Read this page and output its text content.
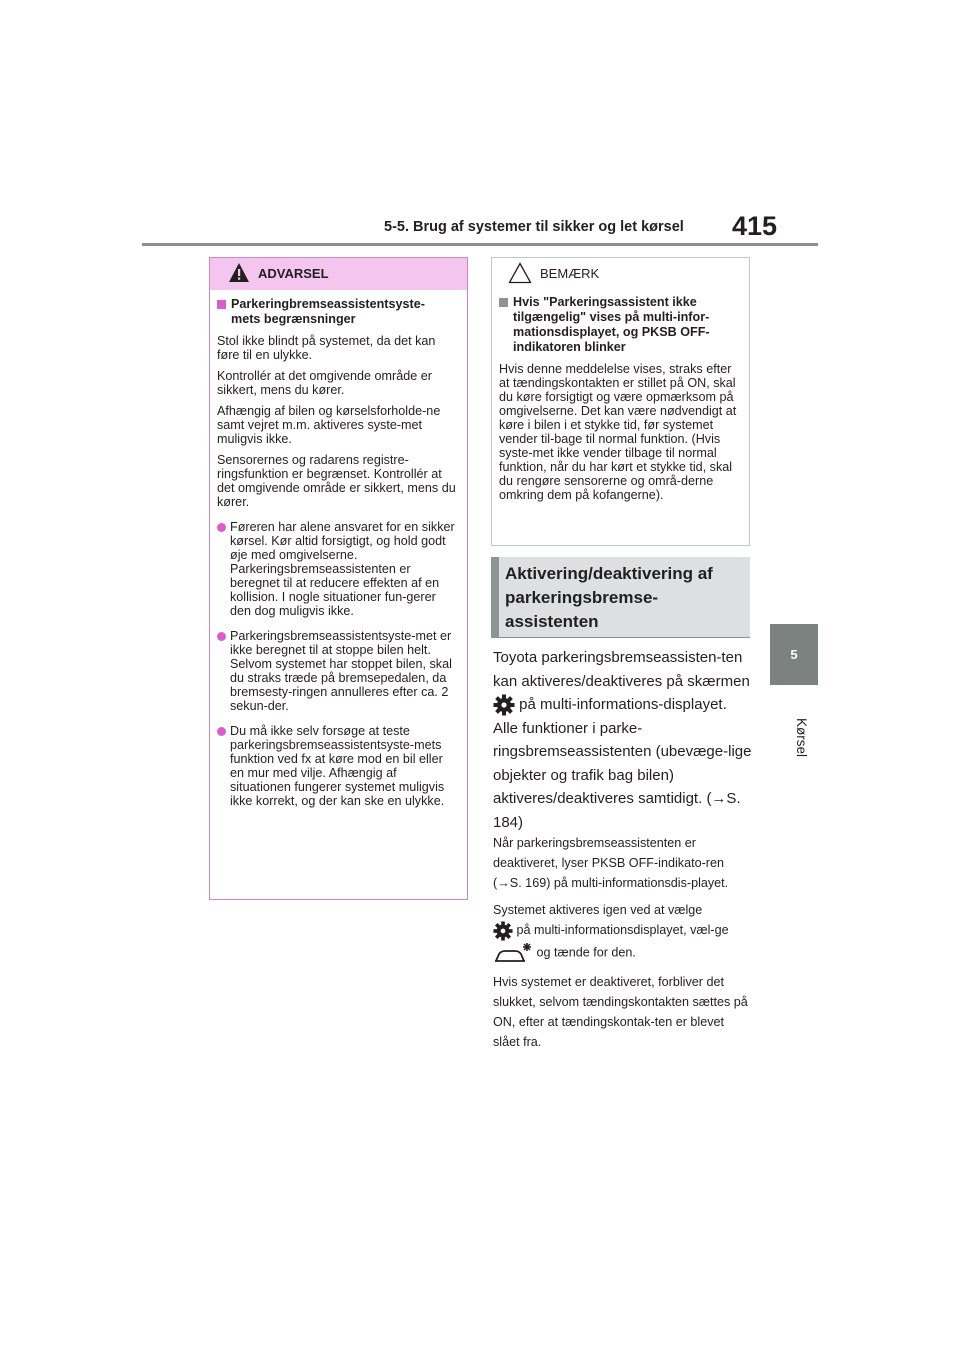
5-5. Brug af systemer til sikker og let kørsel 415
5
Kørsel
ADVARSEL
Parkeringbremseassistentsyste-
mets begrænsninger

Stol ikke blindt på systemet, da det kan føre til en ulykke.

Kontrollér at det omgivende område er sikkert, mens du kører.

Afhængig af bilen og kørselsforholde-ne samt vejret m.m. aktiveres syste-met muligvis ikke.

Sensorernes og radarens registre-ringsfunktion er begrænset. Kontrollér at det omgivende område er sikkert, mens du kører.

Føreren har alene ansvaret for en sikker kørsel. Kør altid forsigtigt, og hold godt øje med omgivelserne. Parkeringsbremseassistenten er beregnet til at reducere effekten af en kollision. I nogle situationer fun-gerer den dog muligvis ikke.
Parkeringsbremseassistentsyste-met er ikke beregnet til at stoppe bilen helt. Selvom systemet har stoppet bilen, skal du straks træde på bremsepedalen, da bremsesty-ringen annulleres efter ca. 2 sekun-der.
Du må ikke selv forsøge at teste parkeringsbremseassistentsyste-mets funktion ved fx at køre mod en bil eller en mur med vilje. Afhængig af situationen fungerer systemet muligvis ikke korrekt, og der kan ske en ulykke.
BEMÆRK
Hvis "Parkeringsassistent ikke tilgængelig" vises på multi-infor-mationsdisplayet, og PKSB OFF-indikatoren blinker

Hvis denne meddelelse vises, straks efter at tændingskontakten er stillet på ON, skal du køre forsigtigt og være opmærksom på omgivelserne. Det kan være nødvendigt at køre i bilen i et stykke tid, før systemet vender til-bage til normal funktion. (Hvis syste-met ikke vender tilbage til normal funktion, når du har kørt et stykke tid, skal du rengøre sensorerne og områ-derne omkring dem på kofangerne).

Aktivering/deaktivering af parkeringsbremse-assistenten

Toyota parkeringsbremseassisten-ten kan aktiveres/deaktiveres på skærmen  på multi-informations-displayet. Alle funktioner i parke-ringsbremseassistenten (ubevæge-lige objekter og trafik bag bilen) aktiveres/deaktiveres samtidigt. (→S. 184)

Når parkeringsbremseassistenten er deaktiveret, lyser PKSB OFF-indikato-ren (→S. 169) på multi-informationsdis-playet.

Systemet aktiveres igen ved at vælge
på multi-informationsdisplayet, væl-ge  og tænde for den.

Hvis systemet er deaktiveret, forbliver det slukket, selvom tændingskontakten sættes på ON, efter at tændingskontak-ten er blevet slået fra.
